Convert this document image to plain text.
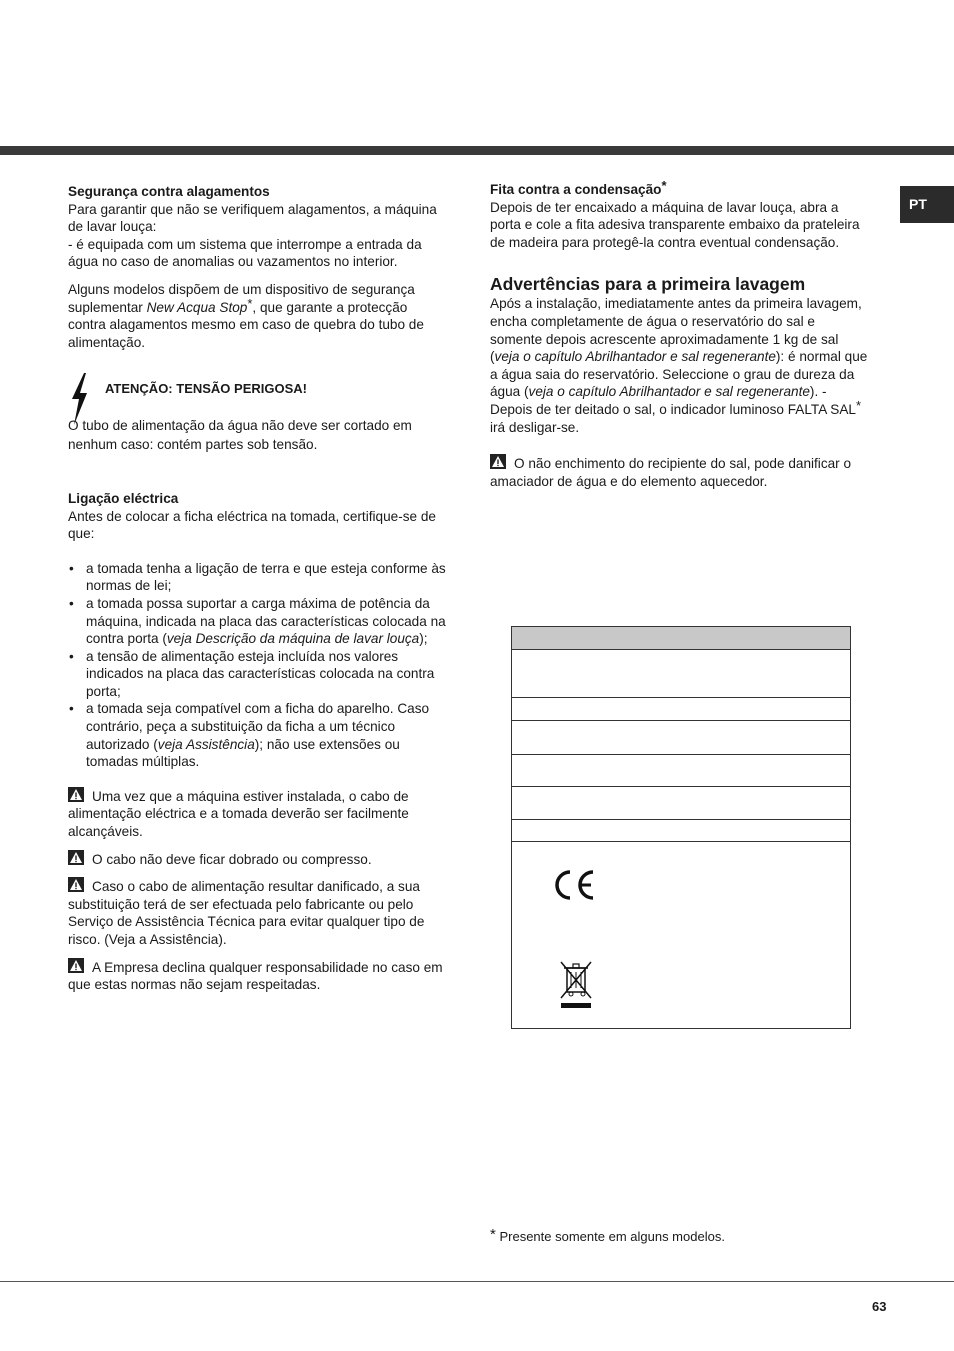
PT

Segurança contra alagamentos

Para garantir que não se verifiquem alagamentos, a máquina de lavar louça:

- é equipada com um sistema que interrompe a entrada da água no caso de anomalias ou vazamentos no interior.

Alguns modelos dispõem de um dispositivo de segurança suplementar New Acqua Stop*, que garante a protecção contra alagamentos mesmo em caso de quebra do tubo de alimentação.

ATENÇÃO: TENSÃO PERIGOSA!

O tubo de alimentação da água não deve ser cortado em nenhum caso: contém partes sob tensão.

Ligação eléctrica

Antes de colocar a ficha eléctrica na tomada, certifique-se de que:

• a tomada tenha a ligação de terra e que esteja conforme às normas de lei;
• a tomada possa suportar a carga máxima de potência da máquina, indicada na placa das características colocada na contra porta (veja Descrição da máquina de lavar louça);
• a tensão de alimentação esteja incluída nos valores indicados na placa das características colocada na contra porta;
• a tomada seja compatível com a ficha do aparelho. Caso contrário, peça a substituição da ficha a um técnico autorizado (veja Assistência); não use extensões ou tomadas múltiplas.

Uma vez que a máquina estiver instalada, o cabo de alimentação eléctrica e a tomada deverão ser facilmente alcançáveis.

O cabo não deve ficar dobrado ou compresso.

Caso o cabo de alimentação resultar danificado, a sua substituição terá de ser efectuada pelo fabricante ou pelo Serviço de Assistência Técnica para evitar qualquer tipo de risco. (Veja a Assistência).

A Empresa declina qualquer responsabilidade no caso em que estas normas não sejam respeitadas.

Fita contra a condensação*

Depois de ter encaixado a máquina de lavar louça, abra a porta e cole a fita adesiva transparente embaixo da prateleira de madeira para protegê-la contra eventual condensação.

Advertências para a primeira lavagem

Após a instalação, imediatamente antes da primeira lavagem, encha completamente de água o reservatório do sal e somente depois acrescente aproximadamente 1 kg de sal (veja o capítulo Abrilhantador e sal regenerante): é normal que a água saia do reservatório. Seleccione o grau de dureza da água (veja o capítulo Abrilhantador e sal regenerante). - Depois de ter deitado o sal, o indicador luminoso FALTA SAL* irá desligar-se.

O não enchimento do recipiente do sal, pode danificar o amaciador de água e do elemento aquecedor.

* Presente somente em alguns modelos.

63
